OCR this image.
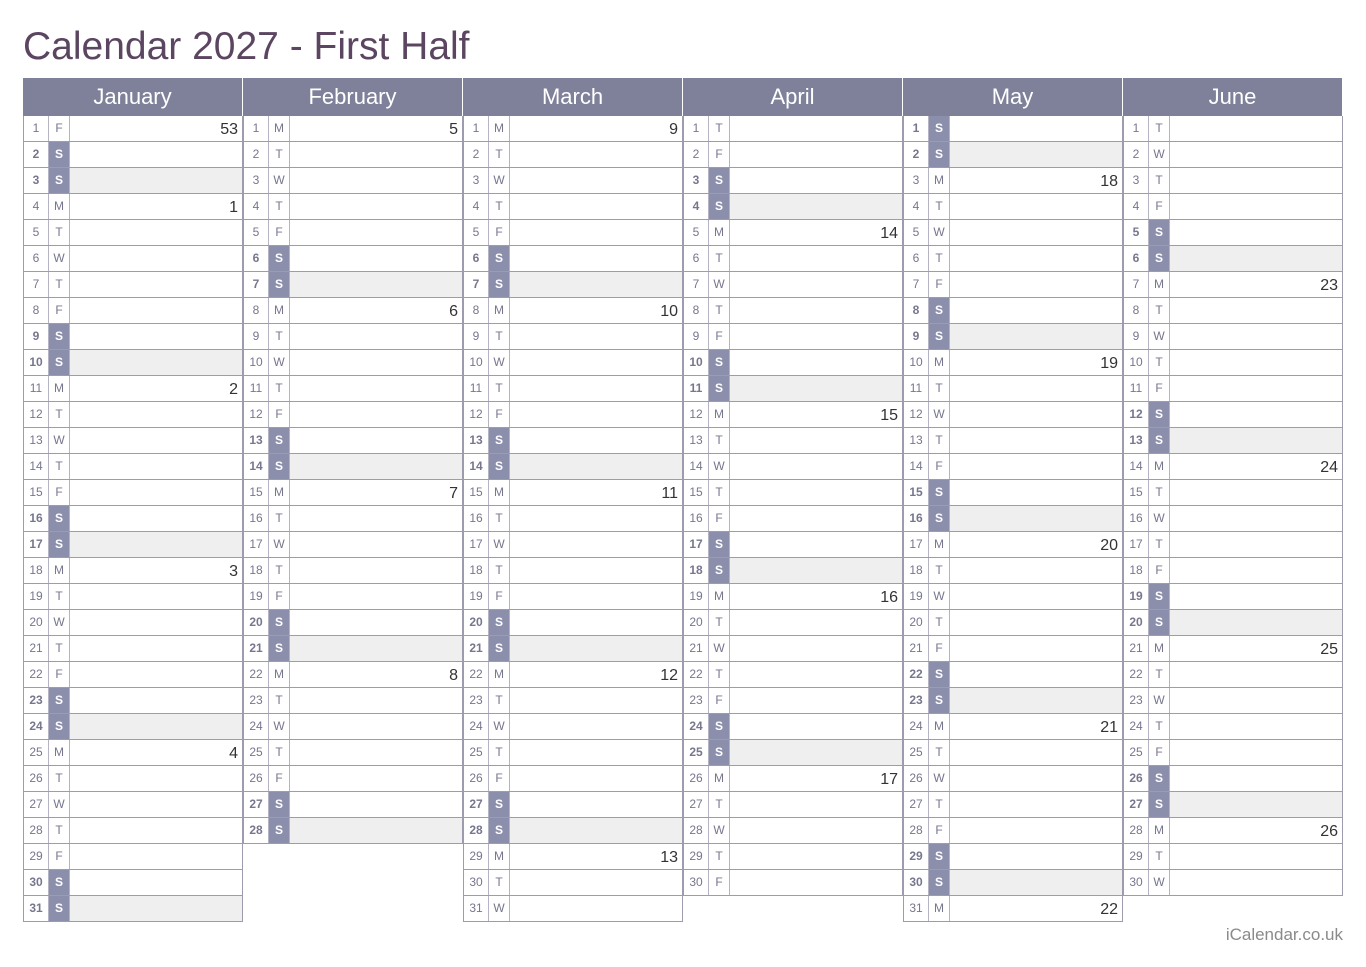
Calendar 2027 - First Half
January
1	F	53
2	S
3	S
4	M	1
5	T
6	W
7	T
8	F
9	S
10	S
11 M	2
12	T
13 W
14	T
15	F
16	S
17	S
18 M	3
19	T
20 W
21	T
22	F
23	S
24	S
25 M	4
26	T
27 W
28	T
29	F
30	S
31	S
February
1	M	5
2	T
3	W
4	T
5	F
6	S
7	S
8	M	6
9	T
10 W
11	T
12	F
13	S
14	S
15 M	7
16	T
17 W
18	T
19	F
20	S
21	S
22 M	8
23	T
24 W
25	T
26	F
27	S
28	S
March
1	M	9
2	T
3	W
4	T
5	F
6	S
7	S
8	M	10
9	T
10 W
11	T
12	F
13	S
14	S
15 M	11
16	T
17 W
18	T
19	F
20	S
21	S
22 M	12
23	T
24 W
25	T
26	F
27	S
28	S
29 M	13
30	T
31 W
April
1	T
2	F
3	S
4	S
5	M	14
6	T
7	W
8	T
9	F
10	S
11	S
12 M	15
13	T
14 W
15	T
16	F
17	S
18	S
19 M	16
20	T
21 W
22	T
23	F
24	S
25	S
26 M	17
27	T
28 W
29	T
30	F
May
1	S
2	S
3	M	18
4	T
5	W
6	T
7	F
8	S
9	S
10 M	19
11	T
12 W
13	T
14	F
15	S
16	S
17 M	20
18	T
19 W
20	T
21	F
22	S
23	S
24 M	21
25	T
26 W
27	T
28	F
29	S
30	S
31 M	22
June
1	T
2	W
3	T
4	F
5	S
6	S
7	M	23
8	T
9	W
10	T
11	F
12	S
13	S
14 M	24
15	T
16 W
17	T
18	F
19	S
20	S
21 M	25
22	T
23 W
24	T
25	F
26	S
27	S
28 M	26
29	T
30 W
iCalendar.co.uk
